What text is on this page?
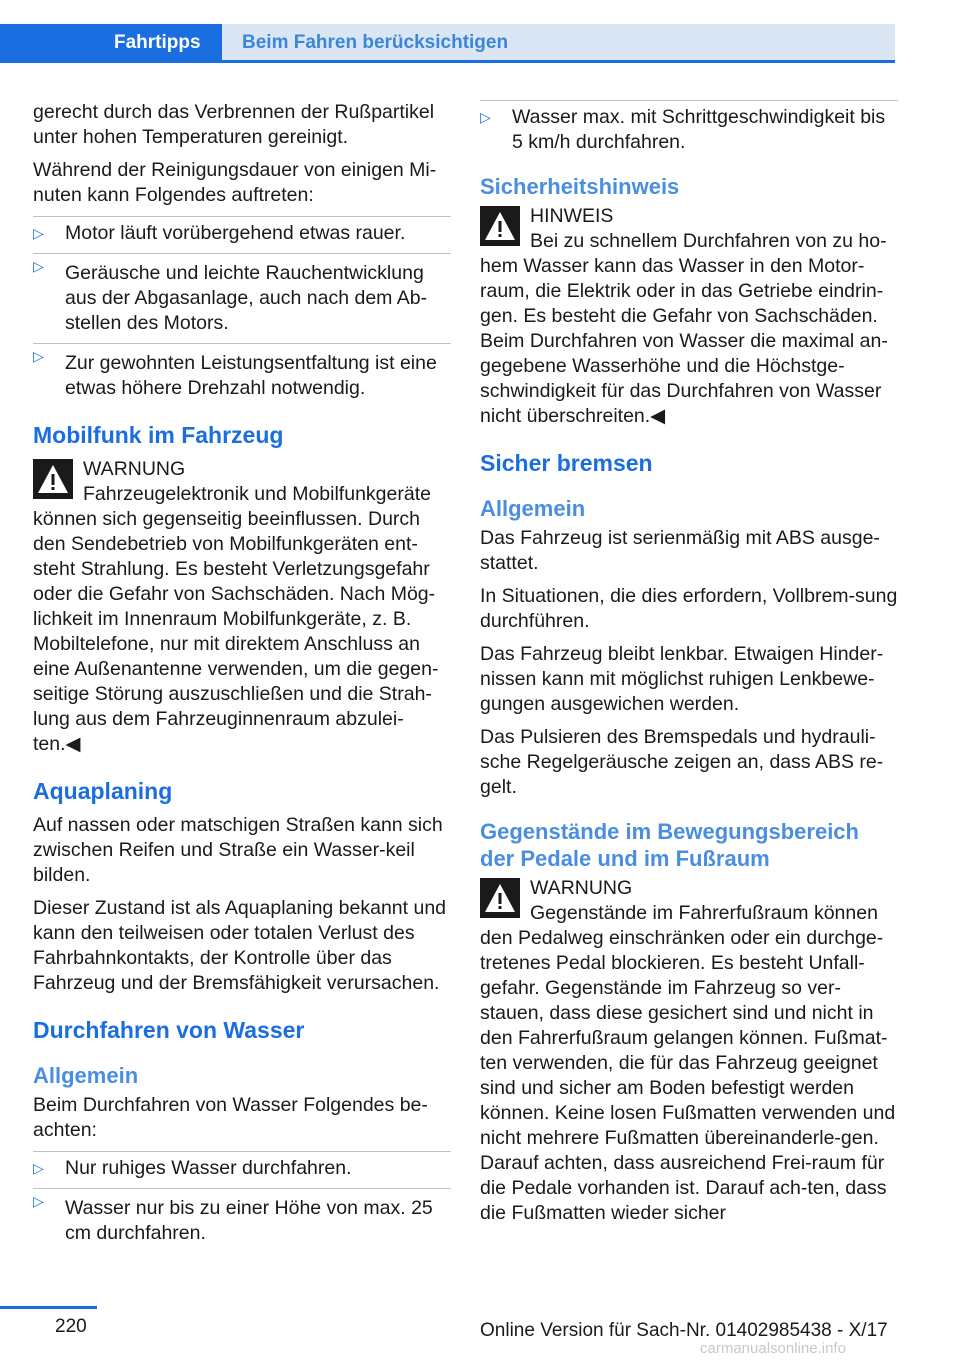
Fahrtipps	Beim Fahren berücksichtigen

gerecht durch das Verbrennen der Rußpartikel unter hohen Temperaturen gereinigt.

Während der Reinigungsdauer von einigen Mi-nuten kann Folgendes auftreten:

▷ Motor läuft vorübergehend etwas rauer.
▷ Geräusche und leichte Rauchentwicklung aus der Abgasanlage, auch nach dem Ab-stellen des Motors.
▷ Zur gewohnten Leistungsentfaltung ist eine etwas höhere Drehzahl notwendig.
Mobilfunk im Fahrzeug
WARNUNG
Fahrzeugelektronik und Mobilfunkgeräte können sich gegenseitig beeinflussen. Durch den Sendebetrieb von Mobilfunkgeräten ent-steht Strahlung. Es besteht Verletzungsgefahr oder die Gefahr von Sachschäden. Nach Mög-lichkeit im Innenraum Mobilfunkgeräte, z. B. Mobiltelefone, nur mit direktem Anschluss an eine Außenantenne verwenden, um die gegen-seitige Störung auszuschließen und die Strah-lung aus dem Fahrzeuginnenraum abzulei-ten.◀
Aquaplaning

Auf nassen oder matschigen Straßen kann sich zwischen Reifen und Straße ein Wasser-keil bilden.

Dieser Zustand ist als Aquaplaning bekannt und kann den teilweisen oder totalen Verlust des Fahrbahnkontakts, der Kontrolle über das Fahrzeug und der Bremsfähigkeit verursachen.

Durchfahren von Wasser
Allgemein

Beim Durchfahren von Wasser Folgendes be-achten:

▷ Nur ruhiges Wasser durchfahren.
▷ Wasser nur bis zu einer Höhe von max. 25 cm durchfahren.
▷ Wasser max. mit Schrittgeschwindigkeit bis 5 km/h durchfahren.
Sicherheitshinweis
HINWEIS
Bei zu schnellem Durchfahren von zu ho-hem Wasser kann das Wasser in den Motor-raum, die Elektrik oder in das Getriebe eindrin-gen. Es besteht die Gefahr von Sachschäden. Beim Durchfahren von Wasser die maximal an-gegebene Wasserhöhe und die Höchstge-schwindigkeit für das Durchfahren von Wasser nicht überschreiten.◀
Sicher bremsen
Allgemein

Das Fahrzeug ist serienmäßig mit ABS ausge-stattet.

In Situationen, die dies erfordern, Vollbrem-sung durchführen.

Das Fahrzeug bleibt lenkbar. Etwaigen Hinder-nissen kann mit möglichst ruhigen Lenkbewe-gungen ausgewichen werden.

Das Pulsieren des Bremspedals und hydrauli-sche Regelgeräusche zeigen an, dass ABS re-gelt.

Gegenstände im Bewegungsbereich der Pedale und im Fußraum
WARNUNG
Gegenstände im Fahrerfußraum können den Pedalweg einschränken oder ein durchge-tretenes Pedal blockieren. Es besteht Unfall-gefahr. Gegenstände im Fahrzeug so ver-stauen, dass diese gesichert sind und nicht in den Fahrerfußraum gelangen können. Fußmat-ten verwenden, die für das Fahrzeug geeignet sind und sicher am Boden befestigt werden können. Keine losen Fußmatten verwenden und nicht mehrere Fußmatten übereinanderle-gen. Darauf achten, dass ausreichend Frei-raum für die Pedale vorhanden ist. Darauf ach-ten, dass die Fußmatten wieder sicher
220	Online Version für Sach-Nr. 01402985438 - X/17
carmanualsonline.info
